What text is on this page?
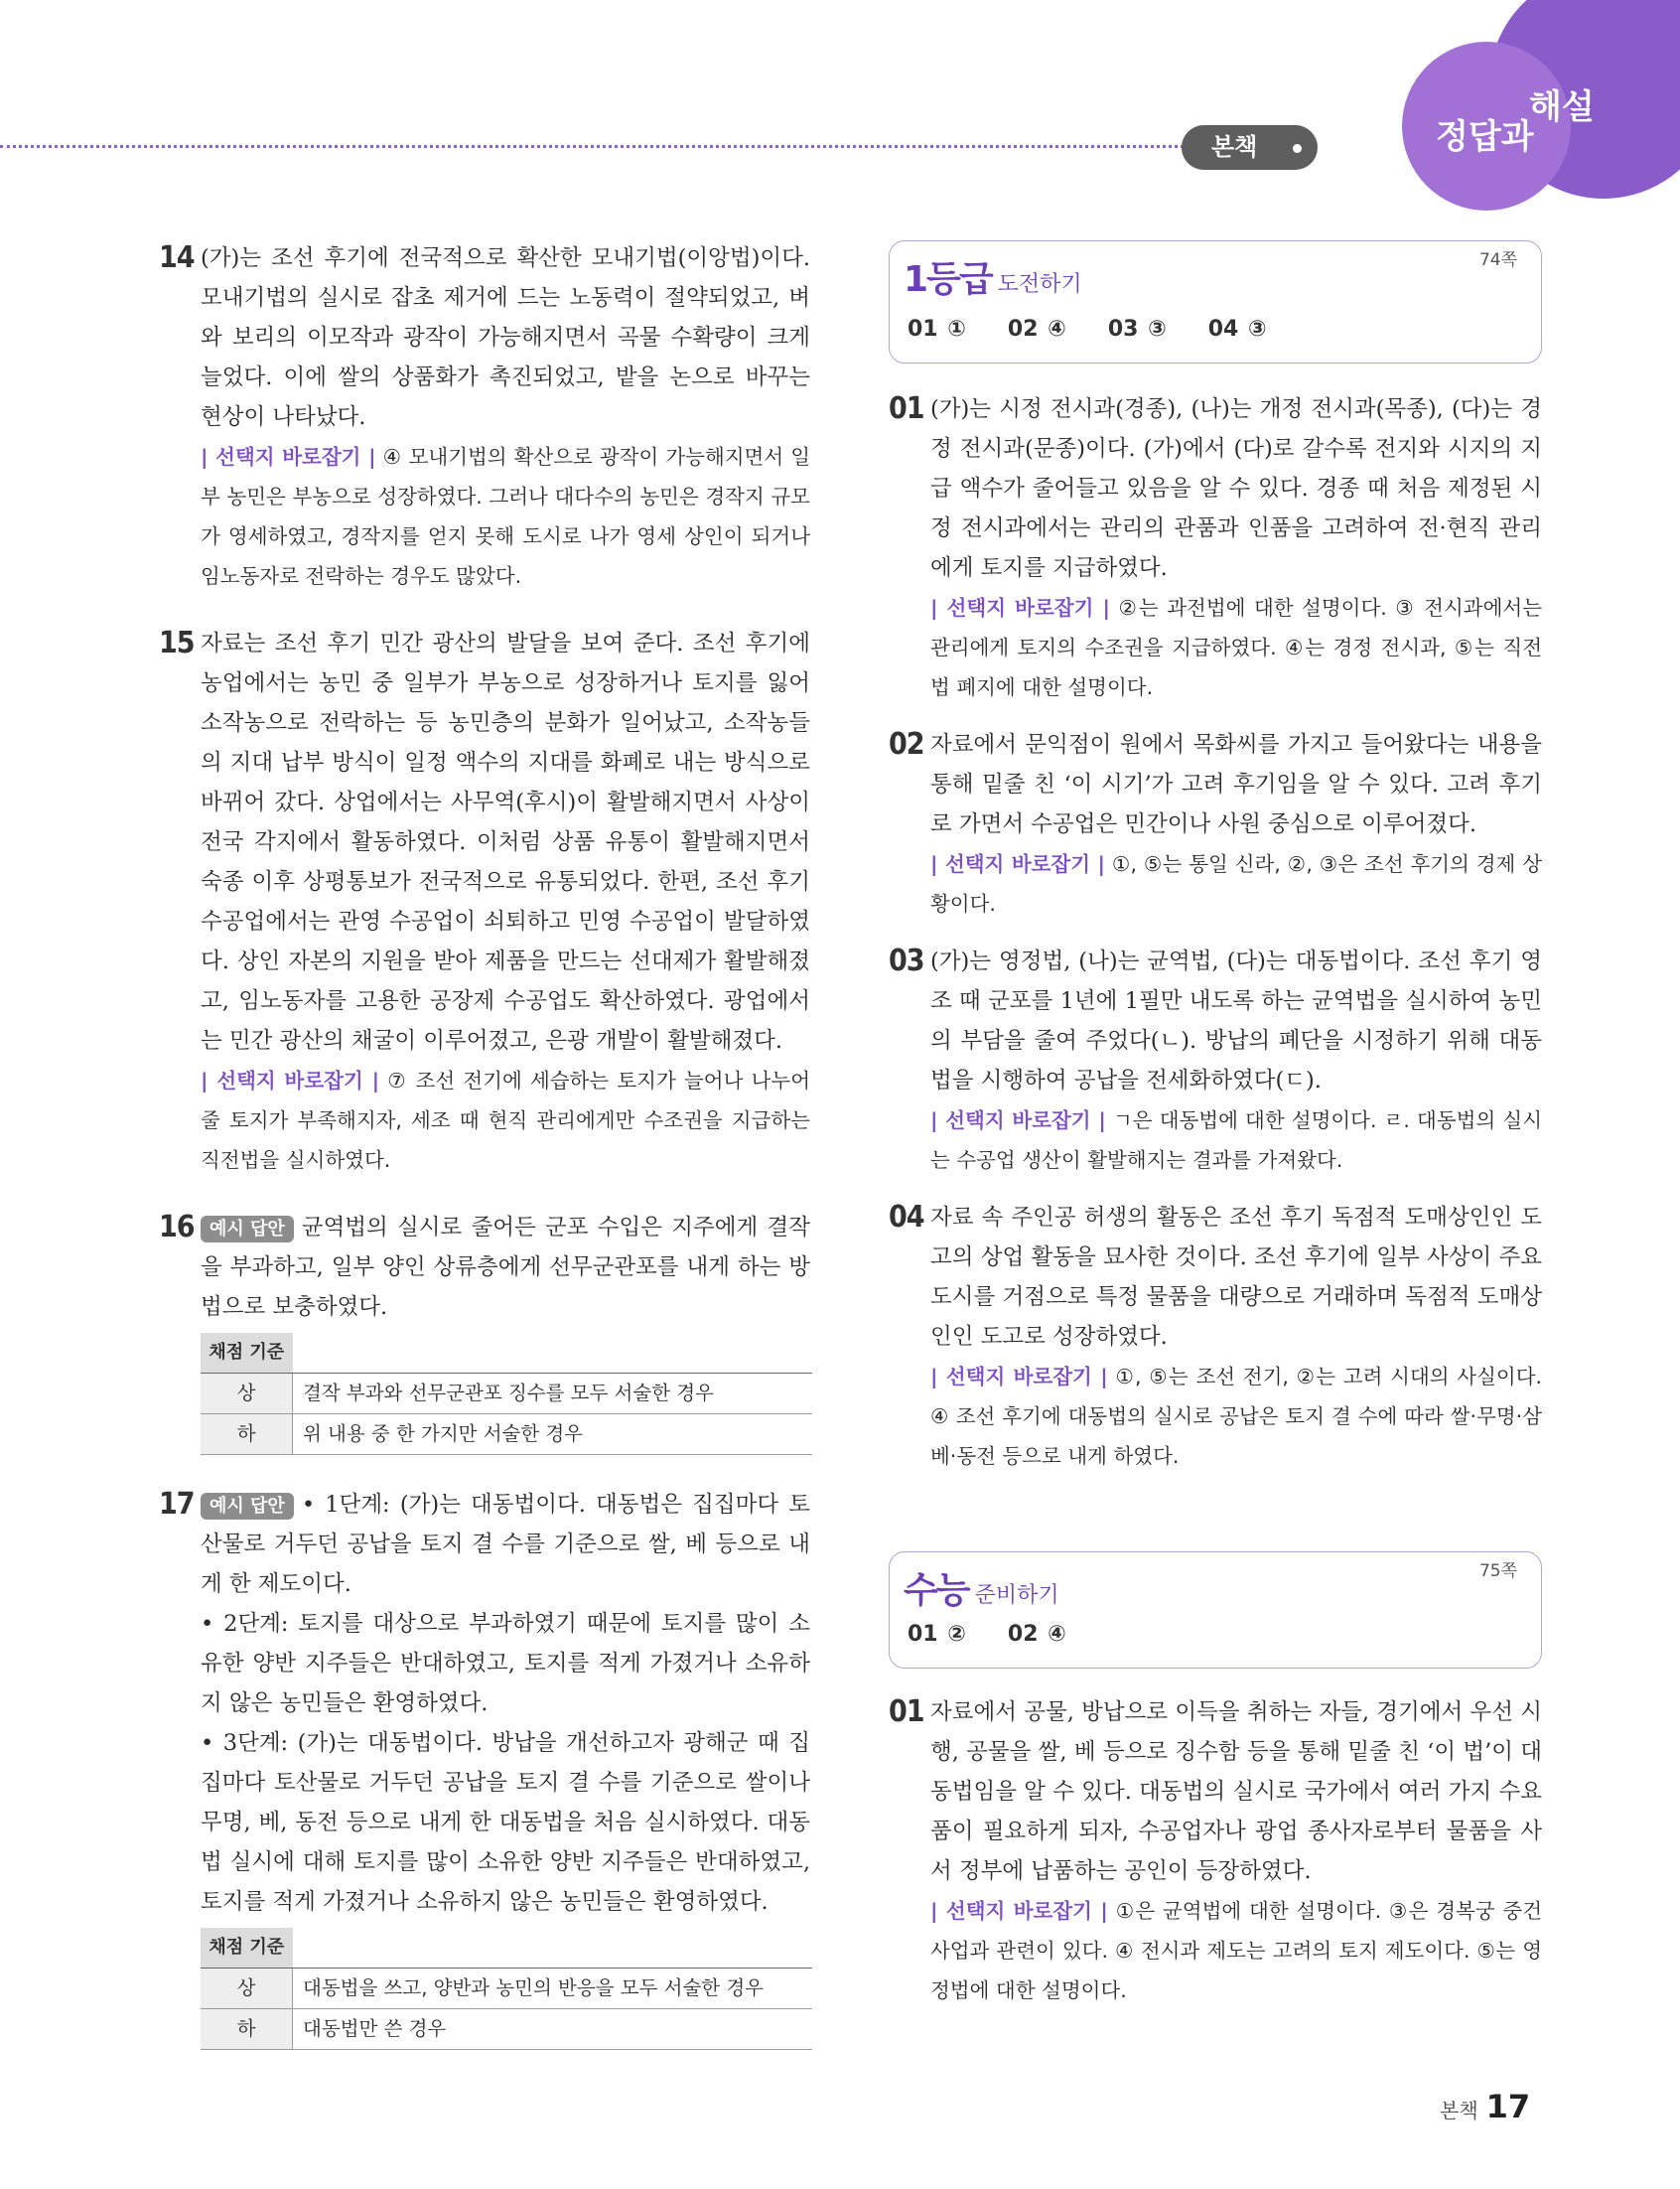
본책
해설
정답과
14 (가)는 조선 후기에 전국적으로 확산한 모내기법(이앙법)이다. 모내기법의 실시로 잡초 제거에 드는 노동력이 절약되었고, 벼와 보리의 이모작과 광작이 가능해지면서 곡물 수확량이 크게 늘었다. 이에 쌀의 상품화가 촉진되었고, 밭을 논으로 바꾸는 현상이 나타났다.
| 선택지 바로잡기 | ④ 모내기법의 확산으로 광작이 가능해지면서 일부 농민은 부농으로 성장하였다. 그러나 대다수의 농민은 경작지 규모가 영세하였고, 경작지를 얻지 못해 도시로 나가 영세 상인이 되거나 임노동자로 전락하는 경우도 많았다.
15 자료는 조선 후기 민간 광산의 발달을 보여 준다. 조선 후기에 농업에서는 농민 중 일부가 부농으로 성장하거나 토지를 잃어 소작농으로 전락하는 등 농민층의 분화가 일어났고, 소작농들의 지대 납부 방식이 일정 액수의 지대를 화폐로 내는 방식으로 바뀌어 갔다. 상업에서는 사무역(후시)이 활발해지면서 사상이 전국 각지에서 활동하였다. 이처럼 상품 유통이 활발해지면서 숙종 이후 상평통보가 전국적으로 유통되었다. 한편, 조선 후기 수공업에서는 관영 수공업이 쇠퇴하고 민영 수공업이 발달하였다. 상인 자본의 지원을 받아 제품을 만드는 선대제가 활발해졌고, 임노동자를 고용한 공장제 수공업도 확산하였다. 광업에서는 민간 광산의 채굴이 이루어졌고, 은광 개발이 활발해졌다.
| 선택지 바로잡기 | ⑦ 조선 전기에 세습하는 토지가 늘어나 나누어 줄 토지가 부족해지자, 세조 때 현직 관리에게만 수조권을 지급하는 직전법을 실시하였다.
16 예시 답안 균역법의 실시로 줄어든 군포 수입은 지주에게 결작을 부과하고, 일부 양인 상류층에게 선무군관포를 내게 하는 방법으로 보충하였다.
채점 기준	
상	결작 부과와 선무군관포 징수를 모두 서술한 경우
하	위 내용 중 한 가지만 서술한 경우
17 예시 답안 • 1단계: (가)는 대동법이다. 대동법은 집집마다 토산물로 거두던 공납을 토지 결 수를 기준으로 쌀, 베 등으로 내게 한 제도이다.
• 2단계: 토지를 대상으로 부과하였기 때문에 토지를 많이 소유한 양반 지주들은 반대하였고, 토지를 적게 가졌거나 소유하지 않은 농민들은 환영하였다.
• 3단계: (가)는 대동법이다. 방납을 개선하고자 광해군 때 집집마다 토산물로 거두던 공납을 토지 결 수를 기준으로 쌀이나 무명, 베, 동전 등으로 내게 한 대동법을 처음 실시하였다. 대동법 실시에 대해 토지를 많이 소유한 양반 지주들은 반대하였고, 토지를 적게 가졌거나 소유하지 않은 농민들은 환영하였다.
채점 기준	
상	대동법을 쓰고, 양반과 농민의 반응을 모두 서술한 경우
하	대동법만 쓴 경우
1등급 도전하기
74쪽
01 ① 02 ④ 03 ③ 04 ③
01 (가)는 시정 전시과(경종), (나)는 개정 전시과(목종), (다)는 경정 전시과(문종)이다. (가)에서 (다)로 갈수록 전지와 시지의 지급 액수가 줄어들고 있음을 알 수 있다. 경종 때 처음 제정된 시정 전시과에서는 관리의 관품과 인품을 고려하여 전·현직 관리에게 토지를 지급하였다.
| 선택지 바로잡기 | ②는 과전법에 대한 설명이다. ③ 전시과에서는 관리에게 토지의 수조권을 지급하였다. ④는 경정 전시과, ⑤는 직전법 폐지에 대한 설명이다.
02 자료에서 문익점이 원에서 목화씨를 가지고 들어왔다는 내용을 통해 밑줄 친 ‘이 시기’가 고려 후기임을 알 수 있다. 고려 후기로 가면서 수공업은 민간이나 사원 중심으로 이루어졌다.
| 선택지 바로잡기 | ①, ⑤는 통일 신라, ②, ③은 조선 후기의 경제 상황이다.
03 (가)는 영정법, (나)는 균역법, (다)는 대동법이다. 조선 후기 영조 때 군포를 1년에 1필만 내도록 하는 균역법을 실시하여 농민의 부담을 줄여 주었다(ㄴ). 방납의 폐단을 시정하기 위해 대동법을 시행하여 공납을 전세화하였다(ㄷ).
| 선택지 바로잡기 | ㄱ은 대동법에 대한 설명이다. ㄹ. 대동법의 실시는 수공업 생산이 활발해지는 결과를 가져왔다.
04 자료 속 주인공 허생의 활동은 조선 후기 독점적 도매상인인 도고의 상업 활동을 묘사한 것이다. 조선 후기에 일부 사상이 주요 도시를 거점으로 특정 물품을 대량으로 거래하며 독점적 도매상인인 도고로 성장하였다.
| 선택지 바로잡기 | ①, ⑤는 조선 전기, ②는 고려 시대의 사실이다. ④ 조선 후기에 대동법의 실시로 공납은 토지 결 수에 따라 쌀·무명·삼베·동전 등으로 내게 하였다.
수능 준비하기
75쪽
01 ② 02 ④
01 자료에서 공물, 방납으로 이득을 취하는 자들, 경기에서 우선 시행, 공물을 쌀, 베 등으로 징수함 등을 통해 밑줄 친 ‘이 법’이 대동법임을 알 수 있다. 대동법의 실시로 국가에서 여러 가지 수요품이 필요하게 되자, 수공업자나 광업 종사자로부터 물품을 사서 정부에 납품하는 공인이 등장하였다.
| 선택지 바로잡기 | ①은 균역법에 대한 설명이다. ③은 경복궁 중건 사업과 관련이 있다. ④ 전시과 제도는 고려의 토지 제도이다. ⑤는 영정법에 대한 설명이다.
본책 17
